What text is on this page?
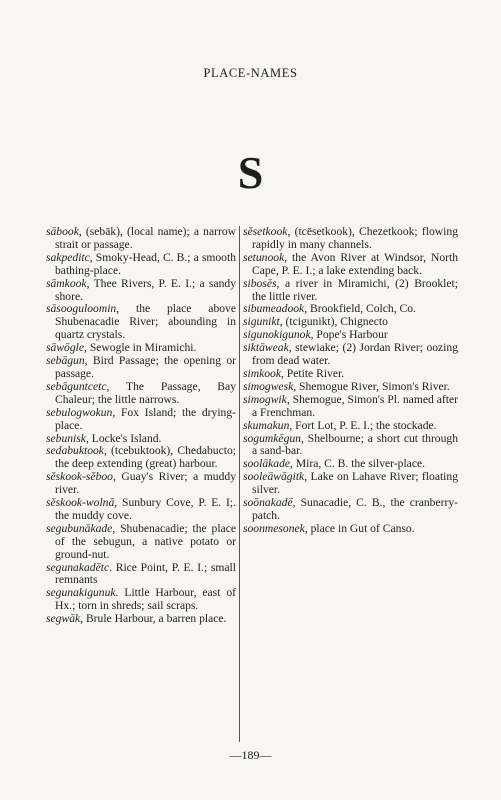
PLACE-NAMES
S
sābook, (sebāk), (local name); a narrow strait or passage.
sakpeditc, Smoky-Head, C. B.; a smooth bathing-place.
sāmkook, Thee Rivers, P. E. I.; a sandy shore.
sāsooguloomin, the place above Shubenacadie River; abounding in quartz crystals.
sāwōgle, Sewogle in Miramichi.
sebāgun, Bird Passage; the opening or passage.
sebāguntcetc, The Passage, Bay Chaleur; the little narrows.
sebulogwokun, Fox Island; the drying-place.
sebunisk, Locke's Island.
sedabuktook, (tcebuktook), Chedabucto; the deep extending (great) harbour.
sĕskook-sĕboo, Guay's River; a muddy river.
sĕskook-wolnā, Sunbury Cove, P. E. I;. the muddy cove.
segubunākade, Shubenacadie; the place of the sebugun, a native potato or ground-nut.
segunakadētc. Rice Point, P. E. I.; small remnants
segunakigunuk. Little Harbour, east of Hx.; torn in shreds; sail scraps.
segwāk, Brule Harbour, a barren place.
sĕsetkook, (tcēsetkook), Chezetkook; flowing rapidly in many channels.
setunook, the Avon River at Windsor, North Cape, P. E. I.; a lake extending back.
sibosēs, a river in Miramichi, (2) Brooklet; the little river.
sibumeadook, Brookfield, Colch, Co.
sigunikt, (tcigunikt), Chignecto
sigunokigunok, Pope's Harbour
siktāweak, stewiake; (2) Jordan River; oozing from dead water.
simkook, Petite River.
simogwesk, Shemogue River, Simon's River.
simogwik, Shemogue, Simon's Pl. named after a Frenchman.
skumakun, Fort Lot, P. E. I.; the stockade.
sogumkēgun, Shelbourne; a short cut through a sand-bar.
soolākade, Mira, C. B. the silver-place.
sooleāwāgitk, Lake on Lahave River; floating silver.
soōnakadē, Sunacadie, C. B., the cranberry-patch.
soonmesonek, place in Gut of Canso.
—189—
